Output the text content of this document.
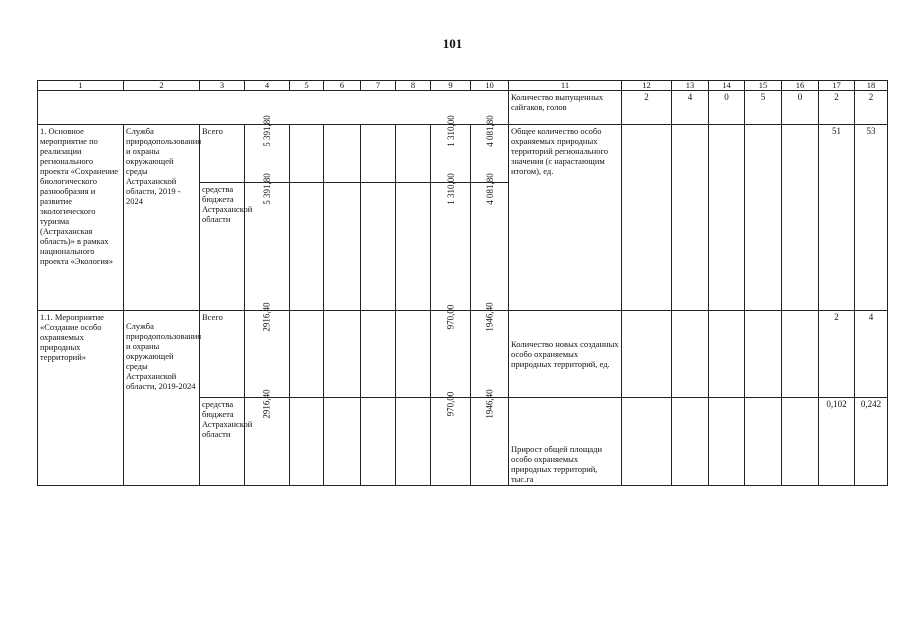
101
1	2	3	4	5	6	7	8	9	10	11	12	13	14	15	16	17	18
										Количество выпущенных сайгаков, голов	2	4	0	5	0	2	2
1. Основное мероприятие по реализации регионального проекта «Сохранение биологического разнообразия и развитие экологического туризма (Астраханская область)» в рамках национального проекта «Экология»	Служба природопользования и охраны окружающей среды Астраханской области, 2019 - 2024	Всего	5 391,80					1 310,00	4 081,80	Общее количество особо охраняемых природных территорий регионального значения (с нарастающим итогом), ед.						51	53
		средства бюджета Астраханской области	5 391,80					1 310,00	4 081,80								
1.1. Мероприятие «Создание особо охраняемых природных территорий»	Служба природопользования и охраны окружающей среды Астраханской области, 2019-2024	Всего	2916,40					970,00	1946,40	Количество новых созданных особо охраняемых природных территорий, ед.						2	4
		средства бюджета Астраханской области	2916,40					970,00	1946,40	Прирост общей площади особо охраняемых природных территорий, тыс.га						0,102	0,242
